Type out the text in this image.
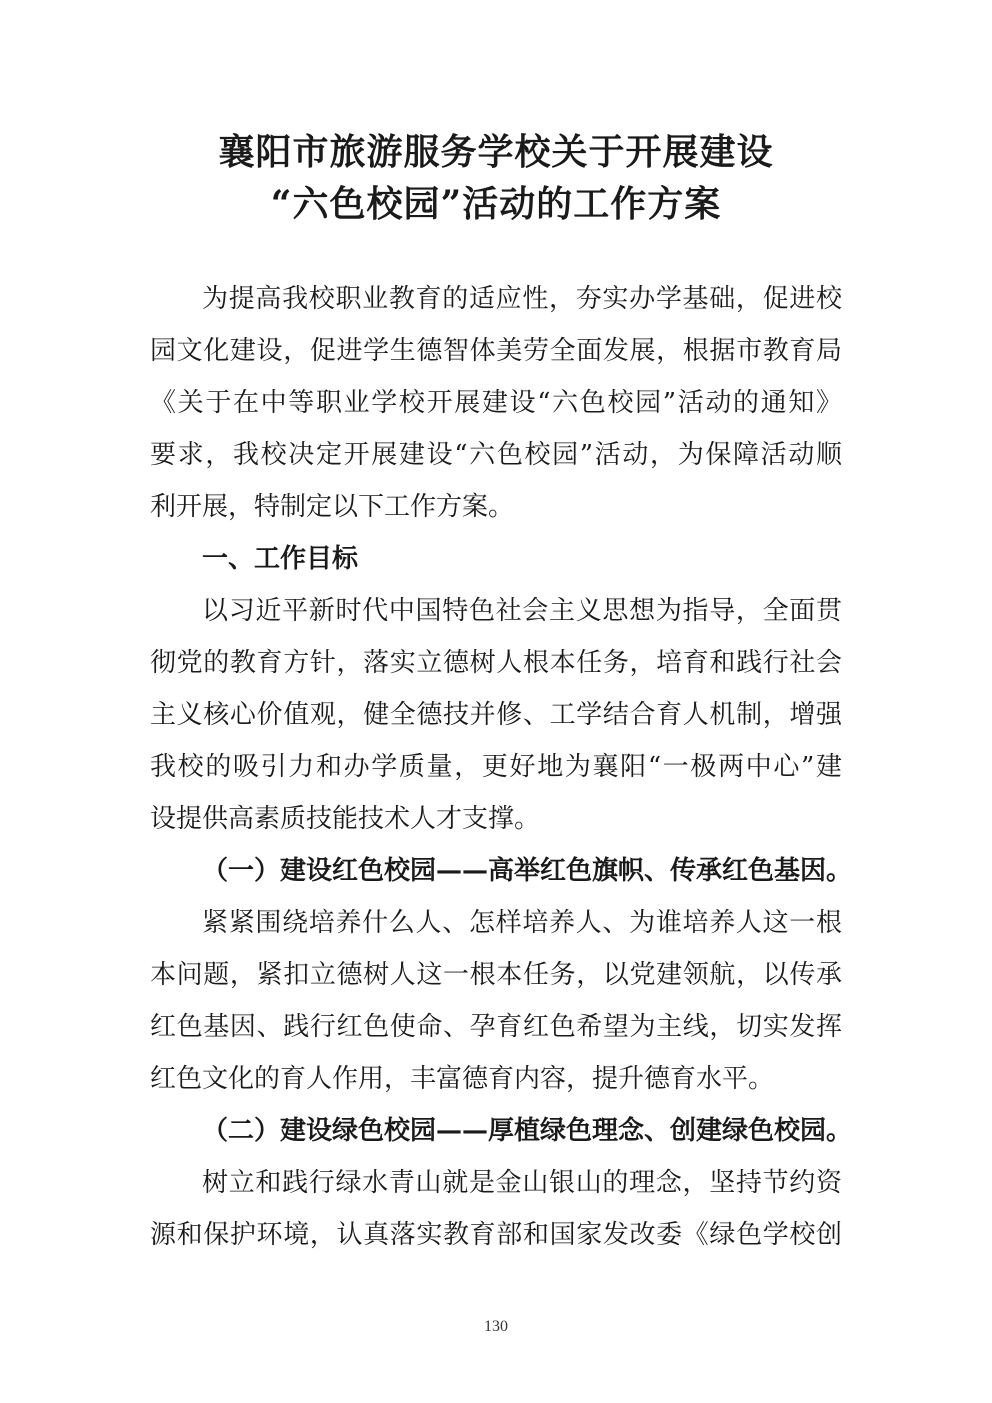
襄阳市旅游服务学校关于开展建设
“六色校园”活动的工作方案

为提高我校职业教育的适应性，夯实办学基础，促进校

园文化建设，促进学生德智体美劳全面发展，根据市教育局

《关于在中等职业学校开展建设“六色校园”活动的通知》

要求，我校决定开展建设“六色校园”活动，为保障活动顺

利开展，特制定以下工作方案。

一、工作目标

以习近平新时代中国特色社会主义思想为指导，全面贯

彻党的教育方针，落实立德树人根本任务，培育和践行社会

主义核心价值观，健全德技并修、工学结合育人机制，增强

我校的吸引力和办学质量，更好地为襄阳“一极两中心”建

设提供高素质技能技术人才支撑。

（一）建设红色校园——高举红色旗帜、传承红色基因。

紧紧围绕培养什么人、怎样培养人、为谁培养人这一根

本问题，紧扣立德树人这一根本任务，以党建领航，以传承

红色基因、践行红色使命、孕育红色希望为主线，切实发挥

红色文化的育人作用，丰富德育内容，提升德育水平。

（二）建设绿色校园——厚植绿色理念、创建绿色校园。

树立和践行绿水青山就是金山银山的理念，坚持节约资

源和保护环境，认真落实教育部和国家发改委《绿色学校创

130
